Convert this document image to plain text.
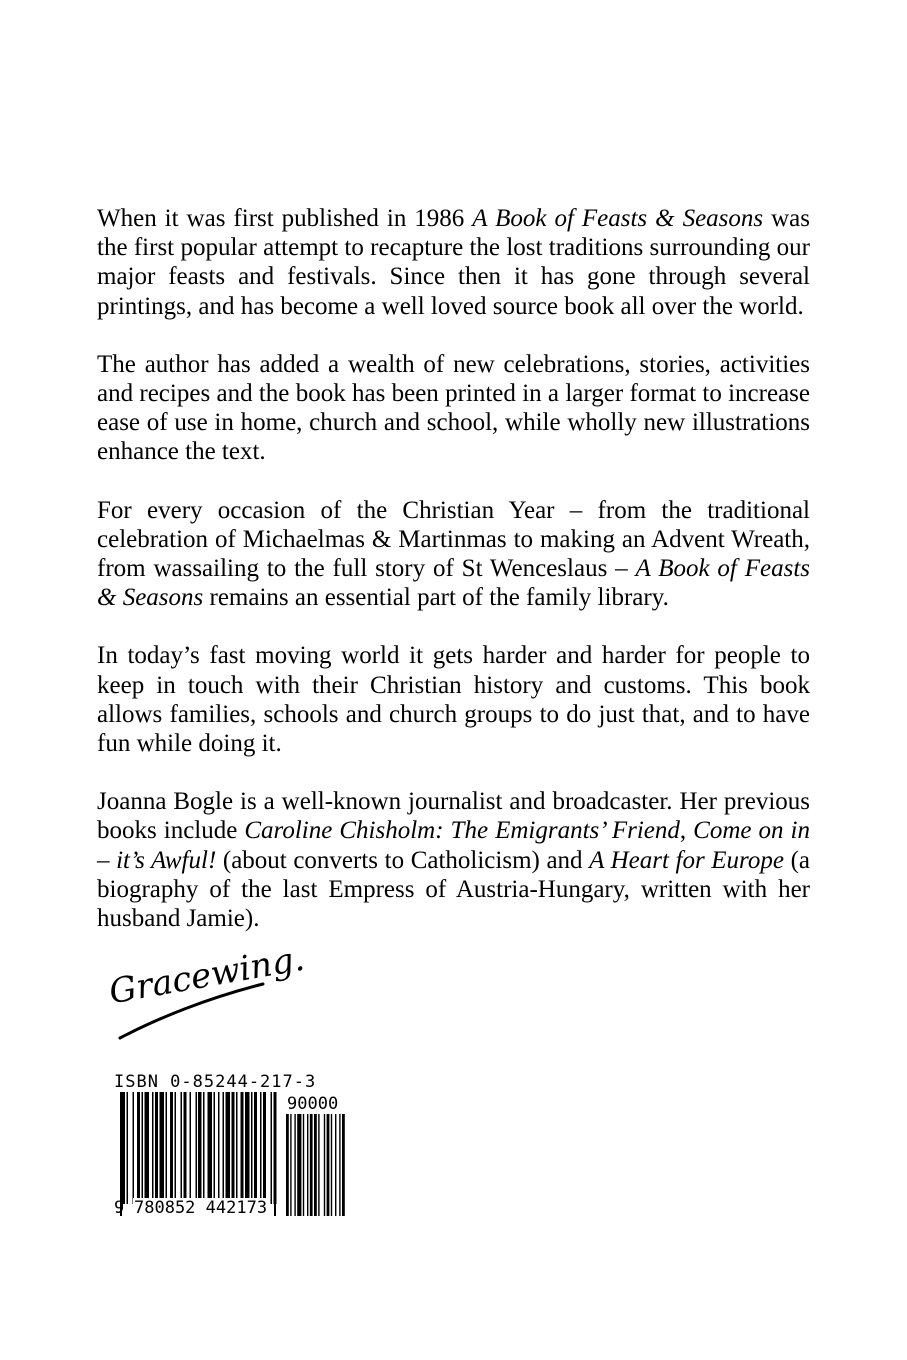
When it was first published in 1986 A Book of Feasts & Seasons was the first popular attempt to recapture the lost traditions surrounding our major feasts and festivals. Since then it has gone through several printings, and has become a well loved source book all over the world.

The author has added a wealth of new celebrations, stories, activities and recipes and the book has been printed in a larger format to increase ease of use in home, church and school, while wholly new illustrations enhance the text.

For every occasion of the Christian Year – from the traditional celebration of Michaelmas & Martinmas to making an Advent Wreath, from wassailing to the full story of St Wenceslaus – A Book of Feasts & Seasons remains an essential part of the family library.

In today’s fast moving world it gets harder and harder for people to keep in touch with their Christian history and customs. This book allows families, schools and church groups to do just that, and to have fun while doing it.

Joanna Bogle is a well-known journalist and broadcaster. Her previous books include Caroline Chisholm: The Emigrants’ Friend, Come on in – it’s Awful! (about converts to Catholicism) and A Heart for Europe (a biography of the last Empress of Austria-Hungary, written with her husband Jamie).

Gracewing.
ISBN 0-85244-217-3
9 780852 442173
90000
